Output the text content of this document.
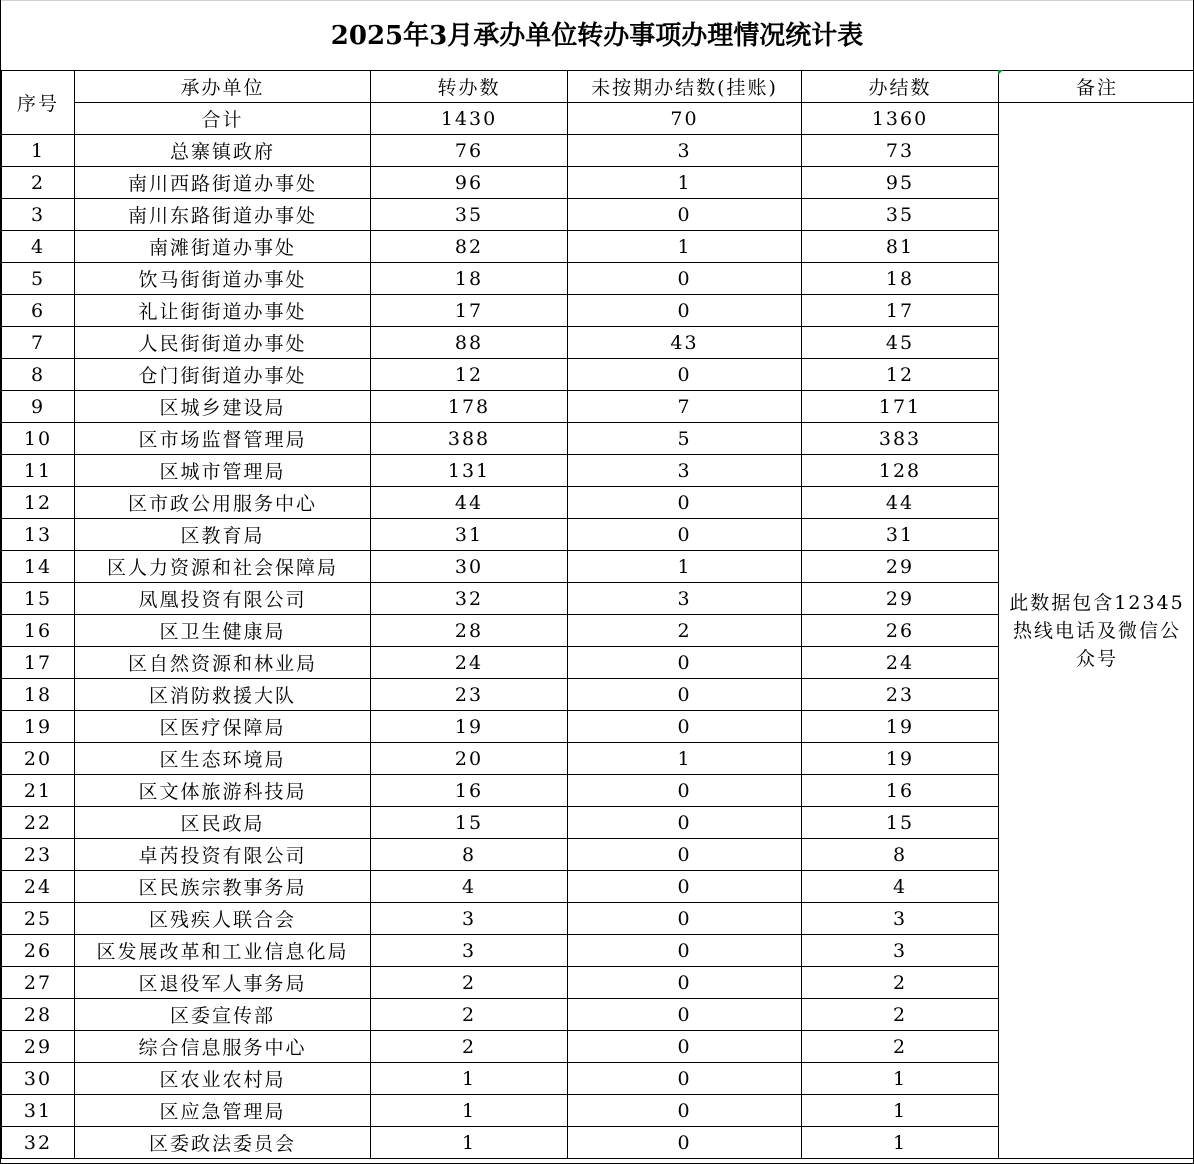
2025年3月承办单位转办事项办理情况统计表
序号	承办单位	转办数	未按期办结数(挂账)	办结数	备注
	合计	1430	70	1360	此数据包含12345热线电话及微信公众号
1	总寨镇政府	76	3	73	
2	南川西路街道办事处	96	1	95	
3	南川东路街道办事处	35	0	35	
4	南滩街道办事处	82	1	81	
5	饮马街街道办事处	18	0	18	
6	礼让街街道办事处	17	0	17	
7	人民街街道办事处	88	43	45	
8	仓门街街道办事处	12	0	12	
9	区城乡建设局	178	7	171	
10	区市场监督管理局	388	5	383	
11	区城市管理局	131	3	128	
12	区市政公用服务中心	44	0	44	
13	区教育局	31	0	31	
14	区人力资源和社会保障局	30	1	29	
15	凤凰投资有限公司	32	3	29	
16	区卫生健康局	28	2	26	
17	区自然资源和林业局	24	0	24	
18	区消防救援大队	23	0	23	
19	区医疗保障局	19	0	19	
20	区生态环境局	20	1	19	
21	区文体旅游科技局	16	0	16	
22	区民政局	15	0	15	
23	卓芮投资有限公司	8	0	8	
24	区民族宗教事务局	4	0	4	
25	区残疾人联合会	3	0	3	
26	区发展改革和工业信息化局	3	0	3	
27	区退役军人事务局	2	0	2	
28	区委宣传部	2	0	2	
29	综合信息服务中心	2	0	2	
30	区农业农村局	1	0	1	
31	区应急管理局	1	0	1	
32	区委政法委员会	1	0	1	
